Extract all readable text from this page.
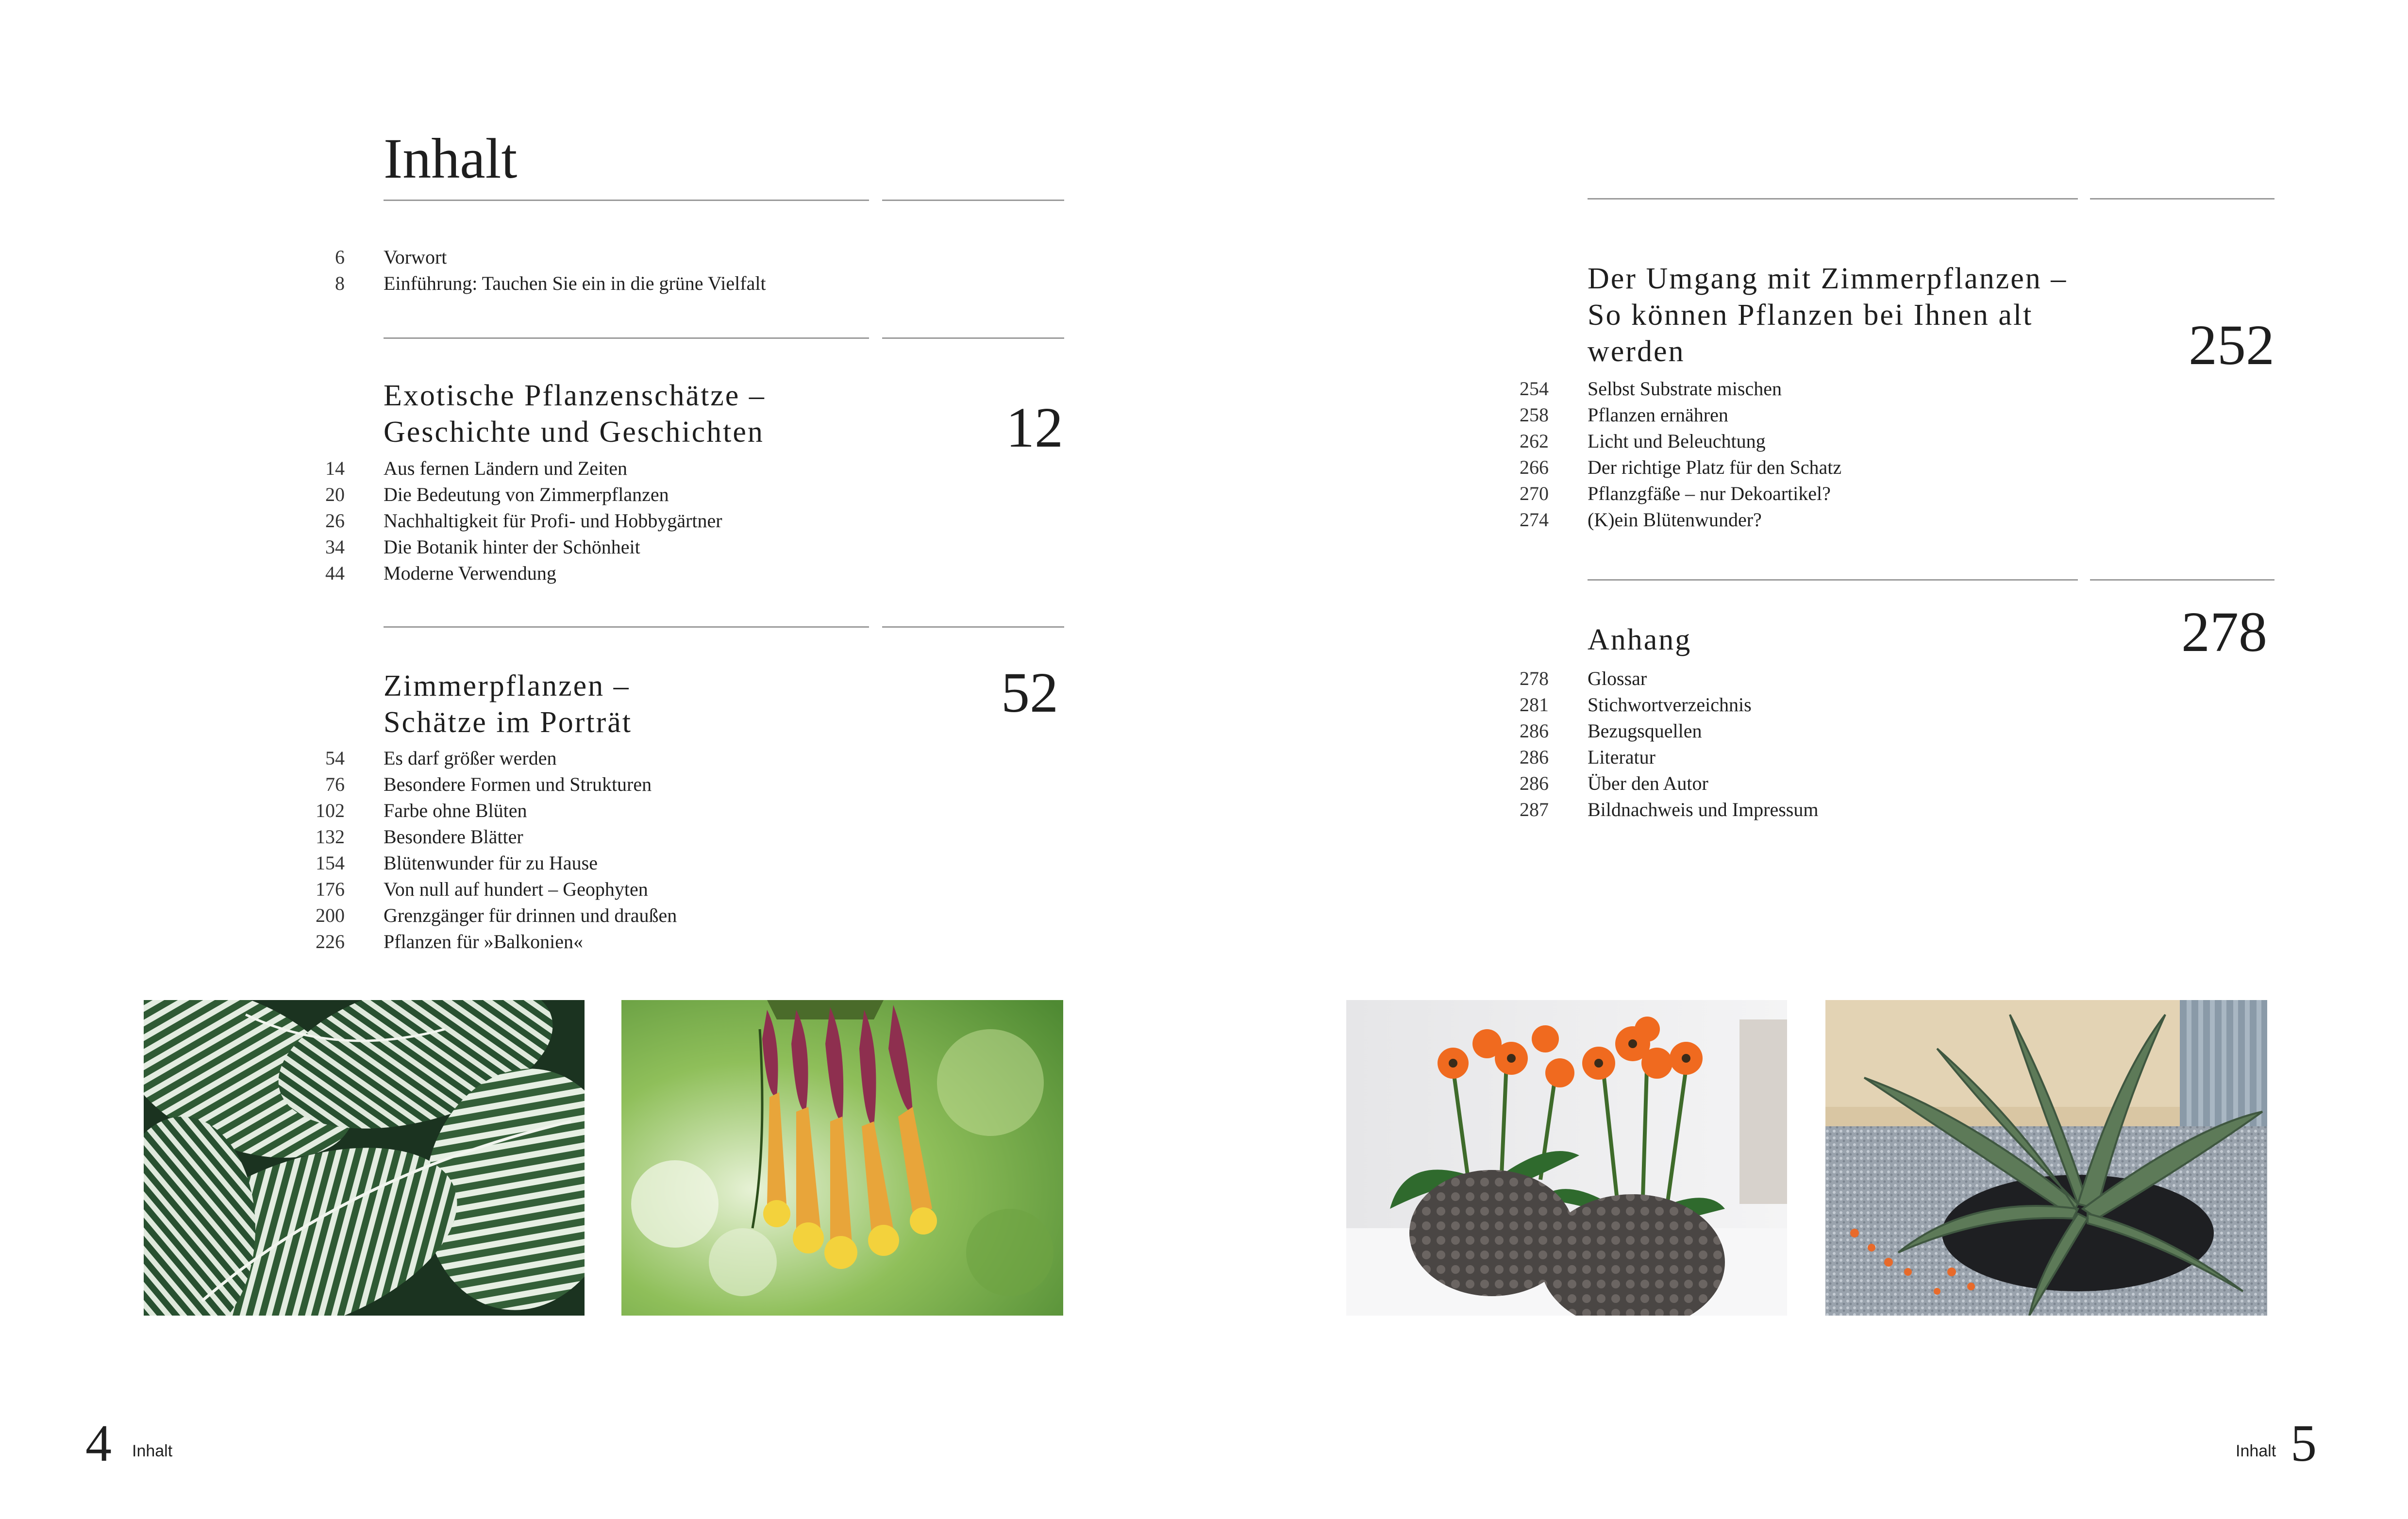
Inhalt
6 Vorwort
8 Einführung: Tauchen Sie ein in die grüne Vielfalt
Exotische Pflanzenschätze –
Geschichte und Geschichten	12
14 Aus fernen Ländern und Zeiten
20 Die Bedeutung von Zimmerpflanzen
26 Nachhaltigkeit für Profi- und Hobbygärtner
34 Die Botanik hinter der Schönheit
44 Moderne Verwendung
Zimmerpflanzen –
Schätze im Porträt	52
54 Es darf größer werden
76 Besondere Formen und Strukturen
102 Farbe ohne Blüten
132 Besondere Blätter
154 Blütenwunder für zu Hause
176 Von null auf hundert – Geophyten
200 Grenzgänger für drinnen und draußen
226 Pflanzen für »Balkonien«
Der Umgang mit Zimmerpflanzen –
So können Pflanzen bei Ihnen alt
werden	252
254 Selbst Substrate mischen
258 Pflanzen ernähren
262 Licht und Beleuchtung
266 Der richtige Platz für den Schatz
270 Pflanzgfäße – nur Dekoartikel?
274 (K)ein Blütenwunder?
Anhang	278
278 Glossar
281 Stichwortverzeichnis
286 Bezugsquellen
286 Literatur
286 Über den Autor
287 Bildnachweis und Impressum
4 Inhalt	Inhalt 5
